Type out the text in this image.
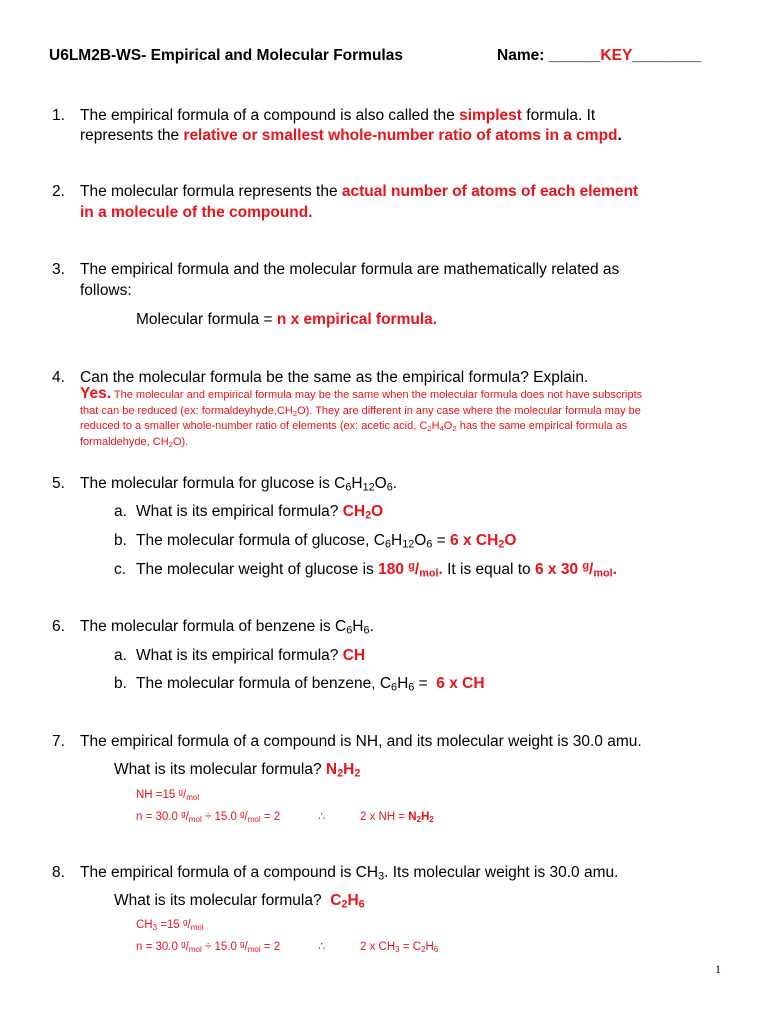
U6LM2B-WS- Empirical and Molecular Formulas	Name: ______KEY________
1. The empirical formula of a compound is also called the simplest formula. It
represents the relative or smallest whole-number ratio of atoms in a cmpd.
2. The molecular formula represents the actual number of atoms of each element
in a molecule of the compound.
3. The empirical formula and the molecular formula are mathematically related as
follows:
Molecular formula = n x empirical formula.
4. Can the molecular formula be the same as the empirical formula? Explain.
Yes. The molecular and empirical formula may be the same when the molecular formula does not have subscripts
that can be reduced (ex: $formaldeyhyde,CH_2O$). They are different in any case where the molecular formula may be
reduced to a smaller whole-number ratio of elements (ex: acetic acid, $C_2H_4O_2$ has the same empirical formula as
formaldehyde, $CH_2O$).
5. The molecular formula for glucose is $C_6H_{12}O_6$.
a. What is its empirical formula? $CH_2O$
b. The molecular formula of glucose, $C_6H_{12}O_6 = 6$ x $CH_2O$
c. The molecular weight of glucose is 180 $^g/_{mol}$. It is equal to 6 x 30 $^g/_{mol}$.
6. The molecular formula of benzene is $C_6H_6$.
a. What is its empirical formula? CH
b. The molecular formula of benzene, $C_6H_6 = 6$ x CH
7. The empirical formula of a compound is NH, and its molecular weight is 30.0 amu.
What is its molecular formula? $N_2H_2$
NH =15 $^g/_{mol}$
n = 30.0 $^g/_{mol} \div 15.0$ $^g/_{mol} = 2$	∴	2 x NH = $N_2H_2$
8. The empirical formula of a compound is $CH_3$. Its molecular weight is 30.0 amu.
What is its molecular formula?  $C_2H_6$
$CH_3 =15$ $^g/_{mol}$
n = 30.0 $^g/_{mol} \div 15.0$ $^g/_{mol} = 2$	∴	2 x $CH_3 = C_2H_6$
1
